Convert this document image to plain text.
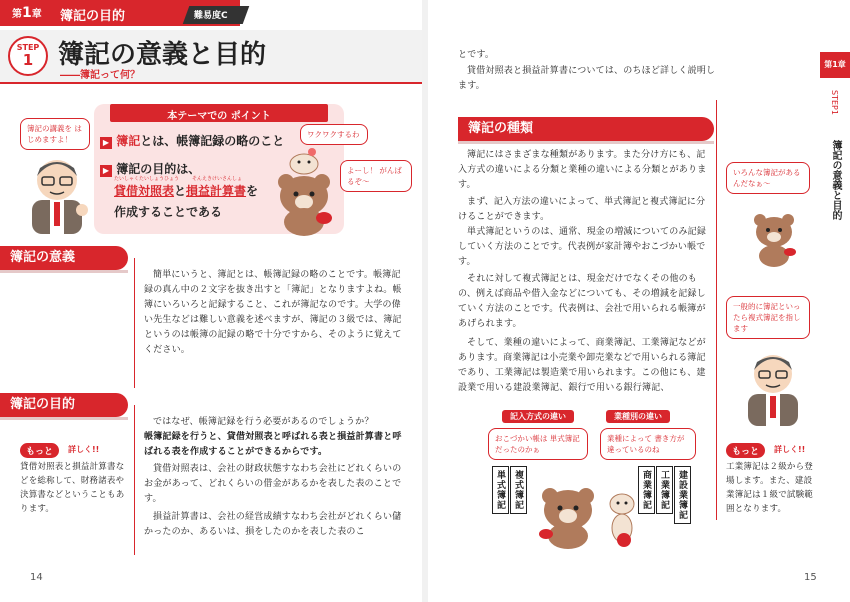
第1章 簿記の目的	難易度C
STEP
1 簿記の意義と目的
――簿記って何？
本テーマでの ポイント
▶ 簿記とは、帳簿記録の略のこと
▶ 簿記の目的は、
たいしゃくたいしょうひょう	そんえきけいさんしょ
貸借対照表と損益計算書を
作成することである
簿記の講義を はじめますよ！
ワクワクするわ
よーし！ がんばるぞ〜
簿記の意義
簡単にいうと、簿記とは、帳簿記録の略のことです。帳簿記録の真ん中の２文字を抜き出すと「簿記」となりますよね。帳簿にいろいろと記録すること、これが簿記なのです。大学の偉い先生などは難しい意義を述べますが、簿記の３級では、簿記というのは帳簿の記録の略で十分ですから、そのように覚えてください。
簿記の目的
ではなぜ、帳簿記録を行う必要があるのでしょうか？
帳簿記録を行うと、貸借対照表と呼ばれる表と損益計算書と呼ばれる表を作成することができるからです。
貸借対照表は、会社の財政状態すなわち会社にどれくらいのお金があって、どれくらいの借金があるかを表した表のことです。
損益計算書は、会社の経営成績すなわち会社がどれくらい儲かったのか、あるいは、損をしたのかを表した表のこ
もっと	詳しく!!
貸借対照表と損益計算書などを総称して、財務諸表や決算書などということもあります。
14
とです。
貸借対照表と損益計算書については、のちほど詳しく説明します。
簿記の種類
簿記にはさまざまな種類があります。また分け方にも、記入方式の違いによる分類と業種の違いによる分類とがあります。
まず、記入方法の違いによって、単式簿記と複式簿記に分けることができます。
単式簿記というのは、通常、現金の増減についてのみ記録していく方法のことです。代表例が家計簿やおこづかい帳です。
それに対して複式簿記とは、現金だけでなくその他のもの、例えば商品や借入金などについても、その増減を記録していく方法のことです。代表例は、会社で用いられる帳簿があげられます。
そして、業種の違いによって、商業簿記、工業簿記などがあります。商業簿記は小売業や卸売業などで用いられる簿記であり、工業簿記は製造業で用いられます。この他にも、建設業で用いる建設業簿記、銀行で用いる銀行簿記、
記入方式の違い	業種別の違い
おこづかい帳は 単式簿記だったのかぁ
業種によって 書き方が違っているのね
単式簿記 複式簿記	商業簿記 工業簿記 建設業簿記
いろんな簿記があるんだなぁ〜
一般的に簿記といったら複式簿記を指します
もっと	詳しく!!
工業簿記は２級から登場します。また、建設業簿記は１級で試験範囲となります。
第1章
STEP1
簿記の意義と目的
15
